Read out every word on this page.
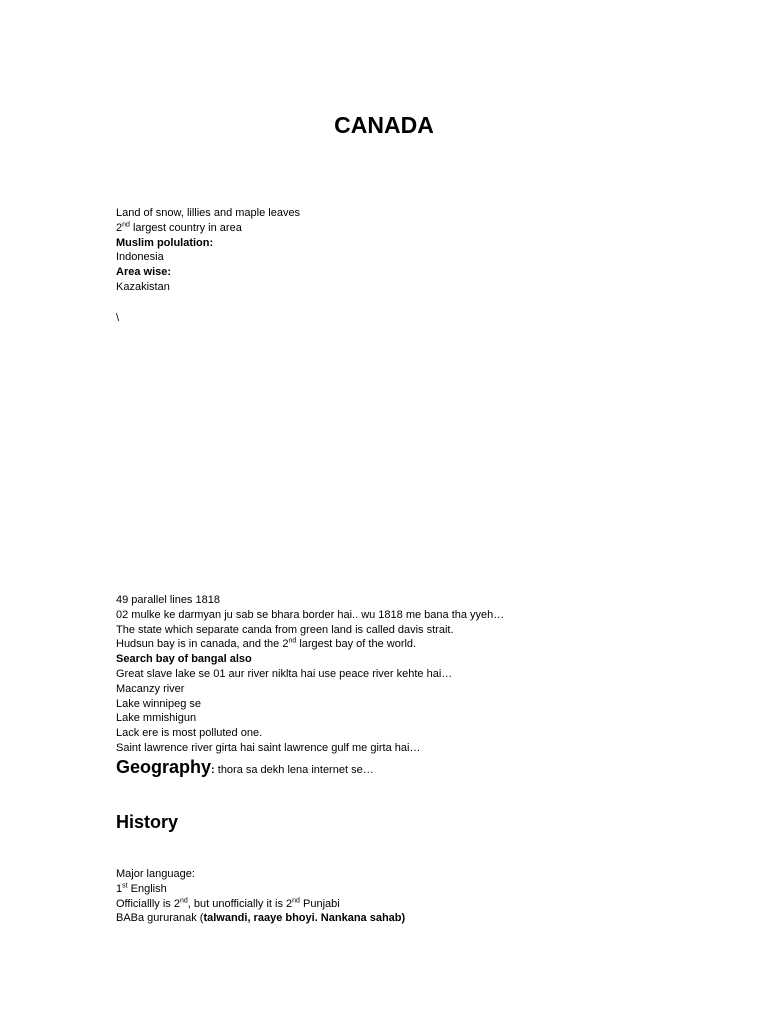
CANADA
Land of snow, lillies and maple leaves
2nd largest country in area
Muslim polulation:
Indonesia
Area wise:
Kazakistan
\
49 parallel lines 1818
02 mulke ke darmyan ju sab se bhara border hai.. wu 1818 me bana tha yyeh…
The state which separate canda from green land is called davis strait.
Hudsun bay is in canada, and the 2nd largest bay of the world.
Search bay of bangal also
Great slave lake se 01 aur river niklta hai use peace river kehte hai…
Macanzy river
Lake winnipeg se
Lake mmishigun
Lack ere is most polluted one.
Saint lawrence river girta hai saint lawrence gulf me girta hai…
Geography: thora sa dekh lena internet se…
History
Major language:
1st English
Officiallly is 2nd, but unofficially it is 2nd Punjabi
BABa gururanak (talwandi, raaye bhoyi. Nankana sahab)
